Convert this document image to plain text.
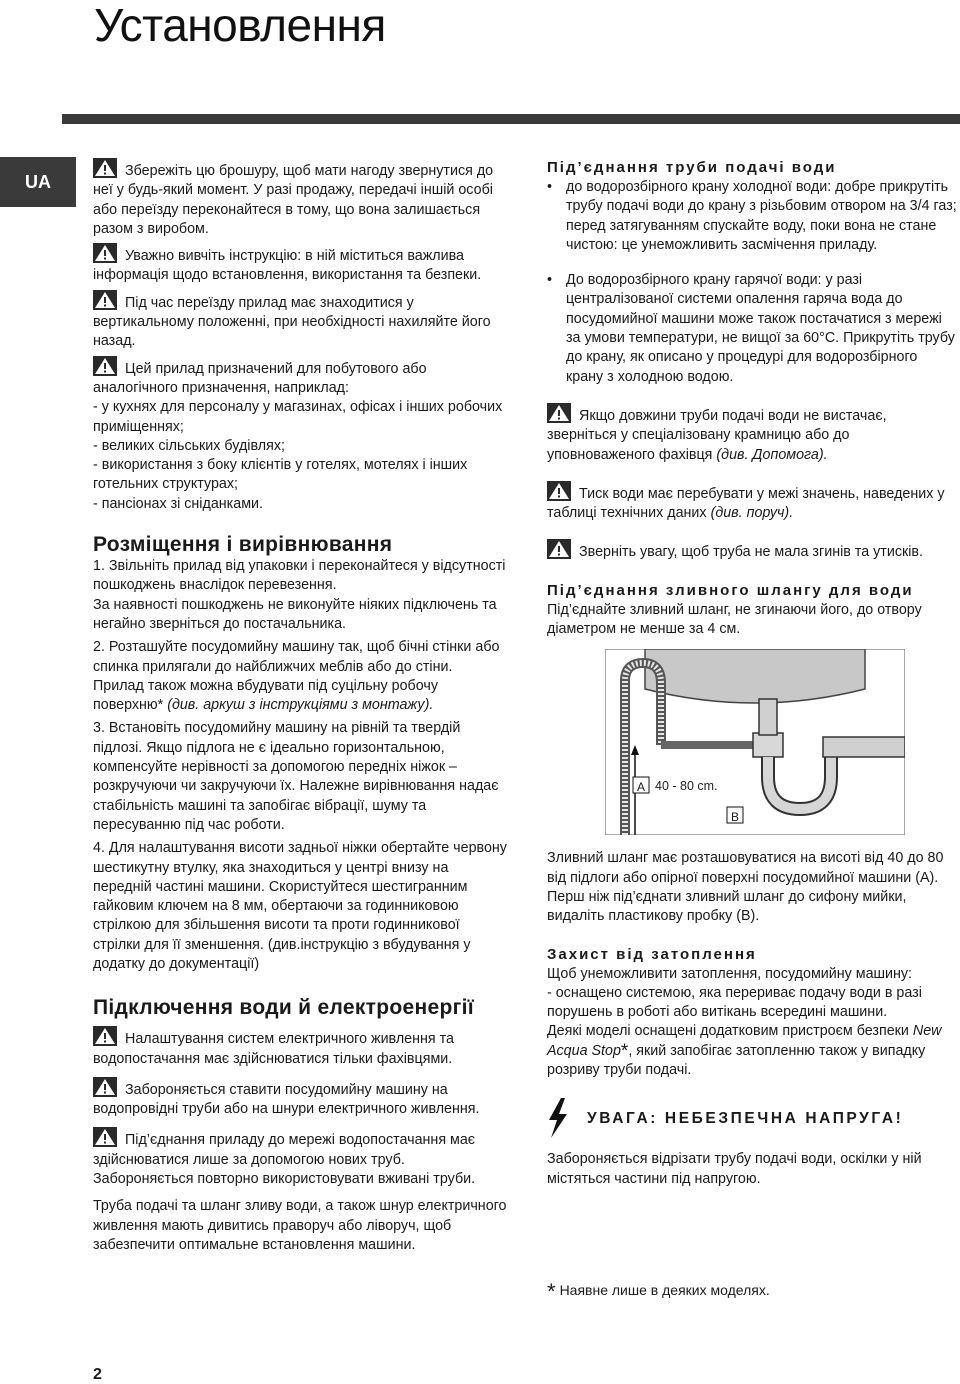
Установлення
UA

Збережіть цю брошуру, щоб мати нагоду звернутися до неї у будь-який момент. У разі продажу, передачі іншій особі або переїзду переконайтеся в тому, що вона залишається разом з виробом.

Уважно вивчіть інструкцію: в ній міститься важлива інформація щодо встановлення, використання та безпеки.

Під час переїзду прилад має знаходитися у вертикальному положенні, при необхідності нахиляйте його назад.

Цей прилад призначений для побутового або аналогічного призначення, наприклад:

- у кухнях для персоналу у магазинах, офісах і інших робочих приміщеннях;

- великих сільських будівлях;

- використання з боку клієнтів у готелях, мотелях і інших готельних структурах;

- пансіонах зі сніданками.

Розміщення і вирівнювання

1. Звільніть прилад від упаковки і переконайтеся у відсутності пошкоджень внаслідок перевезення.

За наявності пошкоджень не виконуйте ніяких підключень та негайно зверніться до постачальника.

2. Розташуйте посудомийну машину так, щоб бічні стінки або спинка прилягали до найближчих меблів або до стіни. Прилад також можна вбудувати під суцільну робочу поверхню* (див. аркуш з інструкціями з монтажу).

3. Встановіть посудомийну машину на рівній та твердій підлозі. Якщо підлога не є ідеально горизонтальною, компенсуйте нерівності за допомогою передніх ніжок – розкручуючи чи закручуючи їх. Належне вирівнювання надає стабільність машині та запобігає вібрації, шуму та пересуванню під час роботи.

4. Для налаштування висоти задньої ніжки обертайте червону шестикутну втулку, яка знаходиться у центрі внизу на передній частині машини. Скористуйтеся шестигранним гайковим ключем на 8 мм, обертаючи за годинниковою стрілкою для збільшення висоти та проти годинникової стрілки для її зменшення. (див.інструкцію з вбудування у додатку до документації)

Підключення води й електроенергії

Налаштування систем електричного живлення та водопостачання має здійснюватися тільки фахівцями.

Забороняється ставити посудомийну машину на водопровідні труби або на шнури електричного живлення.

Під’єднання приладу до мережі водопостачання має здійснюватися лише за допомогою нових труб. Забороняється повторно використовувати вживані труби.

Труба подачі та шланг зливу води, а також шнур електричного живлення мають дивитись праворуч або ліворуч, щоб забезпечити оптимальне встановлення машини.

Під’єднання труби подачі води

• до водорозбірного крану холодної води: добре прикрутіть трубу подачі води до крану з різьбовим отвором на 3/4 газ; перед затягуванням спускайте воду, поки вона не стане чистою: це унеможливить засмічення приладу.

• До водорозбірного крану гарячої води: у разі централізованої системи опалення гаряча вода до посудомийної машини може також постачатися з мережі за умови температури, не вищої за 60°С. Прикрутіть трубу до крану, як описано у процедурі для водорозбірного крану з холодною водою.

Якщо довжини труби подачі води не вистачає, зверніться у спеціалізовану крамницю або до уповноваженого фахівця (див. Допомога).

Тиск води має перебувати у межі значень, наведених у таблиці технічних даних (див. поруч).

Зверніть увагу, щоб труба не мала згинів та утисків.

Під’єднання зливного шлангу для води

Під’єднайте зливний шланг, не згинаючи його, до отвору діаметром не менше за 4 см.

A 40 - 80 cm.
B

Зливний шланг має розташовуватися на висоті від 40 до 80 від підлоги або опірної поверхні посудомийної машини (А).

Перш ніж під’єднати зливний шланг до сифону мийки, видаліть пластикову пробку (В).

Захист від затоплення

Щоб унеможливити затоплення, посудомийну машину:

- оснащено системою, яка перериває подачу води в разі порушень в роботі або витікань всередині машини.

Деякі моделі оснащені додатковим пристроєм безпеки New Acqua Stop*, який запобігає затопленню також у випадку розриву труби подачі.

УВАГА: НЕБЕЗПЕЧНА НАПРУГА!

Забороняється відрізати трубу подачі води, оскілки у ній містяться частини під напругою.

* Наявне лише в деяких моделях.

2
